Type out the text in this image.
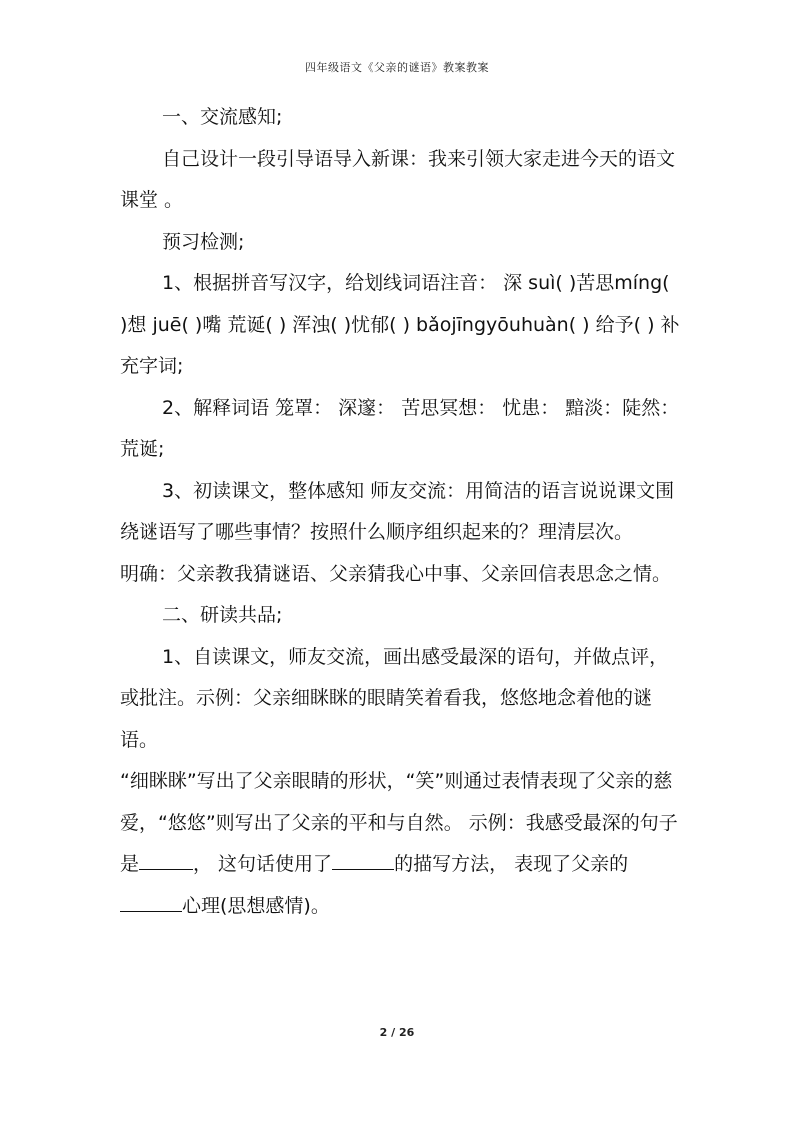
四年级语文《父亲的谜语》教案教案

一、交流感知;

自己设计一段引导语导入新课：我来引领大家走进今天的语文课堂 。

预习检测;

1、根据拼音写汉字，给划线词语注音： 深 suì( )苦思míng( )想 juē( )嘴 荒诞( ) 浑浊( )忧郁( ) bǎojīngyōuhuàn( ) 给予( ) 补充字词;

2、解释词语 笼罩： 深邃： 苦思冥想： 忧患： 黯淡：陡然：荒诞;

3、初读课文，整体感知 师友交流：用简洁的语言说说课文围绕谜语写了哪些事情？按照什么顺序组织起来的？理清层次。

明确：父亲教我猜谜语、父亲猜我心中事、父亲回信表思念之情。

二、研读共品;

1、自读课文，师友交流，画出感受最深的语句，并做点评，或批注。示例：父亲细眯眯的眼睛笑着看我，悠悠地念着他的谜语。

“细眯眯”写出了父亲眼睛的形状，“笑”则通过表情表现了父亲的慈爱，“悠悠”则写出了父亲的平和与自然。 示例：我感受最深的句子是	， 这句话使用了	的描写方法， 表现了父亲的心理(思想感情)。

2 / 26
